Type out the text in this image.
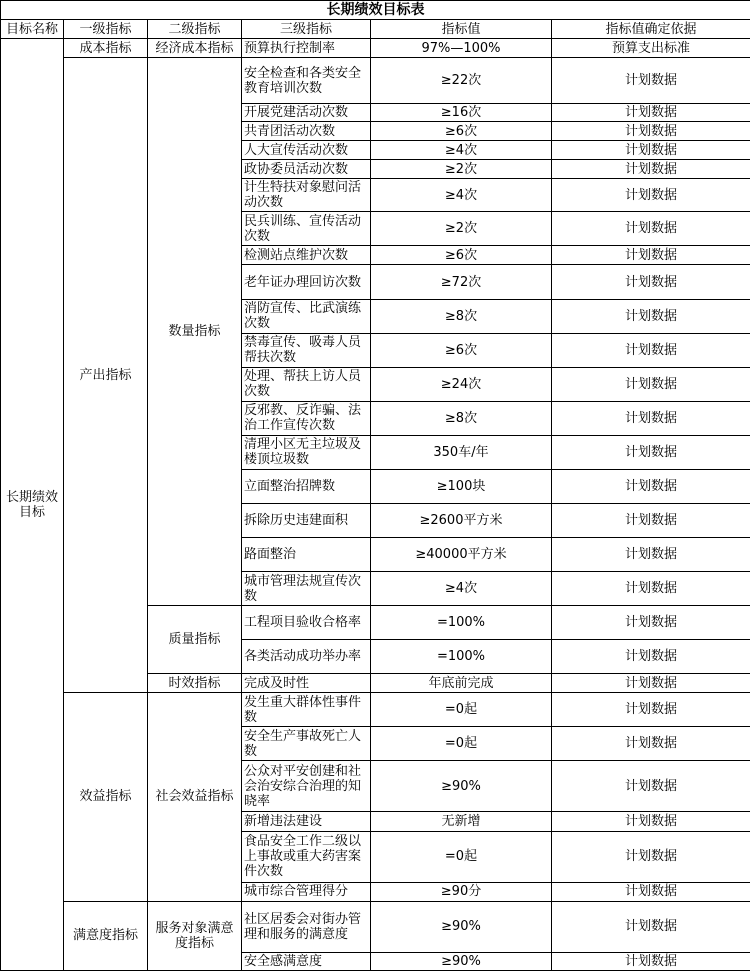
长期绩效目标表					
目标名称	一级指标	二级指标	三级指标	指标值	指标值确定依据
长期绩效目标	成本指标	经济成本指标	预算执行控制率	97%—100%	预算支出标准
	产出指标	数量指标	安全检查和各类安全教育培训次数	≥22次	计划数据
			开展党建活动次数	≥16次	计划数据
			共青团活动次数	≥6次	计划数据
			人大宣传活动次数	≥4次	计划数据
			政协委员活动次数	≥2次	计划数据
			计生特扶对象慰问活动次数	≥4次	计划数据
			民兵训练、宣传活动次数	≥2次	计划数据
			检测站点维护次数	≥6次	计划数据
			老年证办理回访次数	≥72次	计划数据
			消防宣传、比武演练次数	≥8次	计划数据
			禁毒宣传、吸毒人员帮扶次数	≥6次	计划数据
			处理、帮扶上访人员次数	≥24次	计划数据
			反邪教、反诈骗、法治工作宣传次数	≥8次	计划数据
			清理小区无主垃圾及楼顶垃圾数	350车/年	计划数据
			立面整治招牌数	≥100块	计划数据
			拆除历史违建面积	≥2600平方米	计划数据
			路面整治	≥40000平方米	计划数据
			城市管理法规宣传次数	≥4次	计划数据
		质量指标	工程项目验收合格率	=100%	计划数据
			各类活动成功举办率	=100%	计划数据
		时效指标	完成及时性	年底前完成	计划数据
	效益指标	社会效益指标	发生重大群体性事件数	=0起	计划数据
			安全生产事故死亡人数	=0起	计划数据
			公众对平安创建和社会治安综合治理的知晓率	≥90%	计划数据
			新增违法建设	无新增	计划数据
			食品安全工作二级以上事故或重大药害案件次数	=0起	计划数据
			城市综合管理得分	≥90分	计划数据
	满意度指标	服务对象满意度指标	社区居委会对街办管理和服务的满意度	≥90%	计划数据
			安全感满意度	≥90%	计划数据
